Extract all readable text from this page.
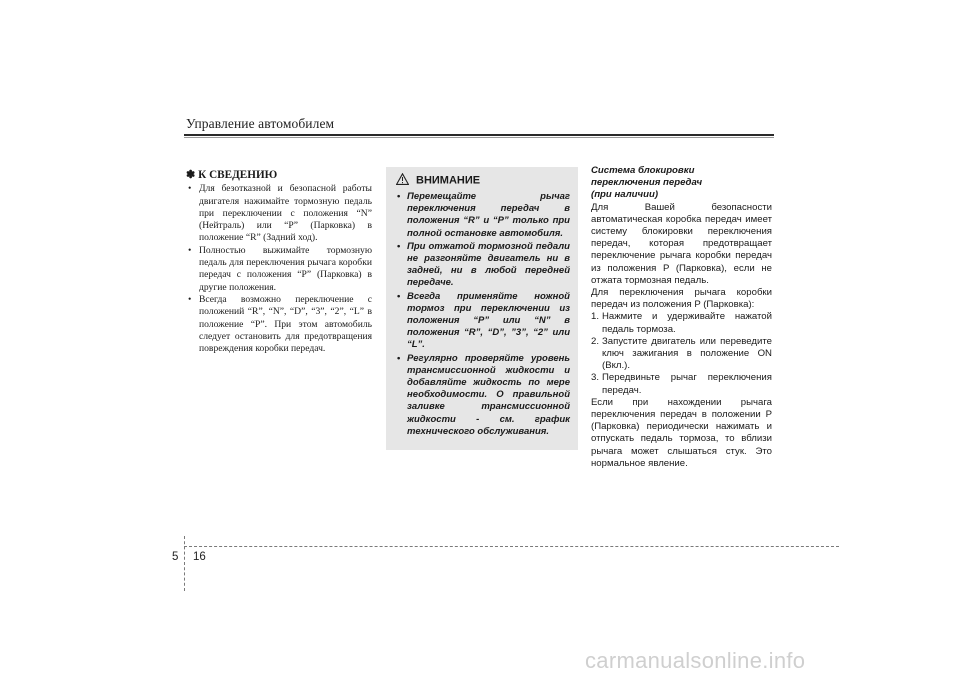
Управление автомобилем
✽ К СВЕДЕНИЮ
• Для безотказной и безопасной работы двигателя нажимайте тормозную педаль при переключении с положения “N” (Нейтраль) или “P” (Парковка) в положение “R” (Задний ход).
• Полностью выжимайте тормозную педаль для переключения рычага коробки передач с положения “P” (Парковка) в другие положения.
• Всегда возможно переключение с положений “R”, “N”, “D”, “3”, “2”, “L” в положение “P”. При этом автомобиль следует остановить для предотвращения повреждения коробки передач.
ВНИМАНИЕ
• Перемещайте рычаг переключения передач в положения “R” и “P” только при полной остановке автомобиля.
• При отжатой тормозной педали не разгоняйте двигатель ни в задней, ни в любой передней передаче.
• Всегда применяйте ножной тормоз при переключении из положения “P” или “N” в положения “R”, “D”, ”3”, “2” или “L”.
• Регулярно проверяйте уровень трансмиссионной жидкости и добавляйте жидкость по мере необходимости. О правильной заливке трансмиссионной жидкости - см. график технического обслуживания.
Система блокировки
переключения передач
(при наличии)

Для Вашей безопасности автоматическая коробка передач имеет систему блокировки переключения передач, которая предотвращает переключение рычага коробки передач из положения P (Парковка), если не отжата тормозная педаль.

Для переключения рычага коробки передач из положения P (Парковка):

1. Нажмите и удерживайте нажатой педаль тормоза.
2. Запустите двигатель или переведите ключ зажигания в положение ON (Вкл.).
3. Передвиньте рычаг переключения передач.

Если при нахождении рычага переключения передач в положении P (Парковка) периодически нажимать и отпускать педаль тормоза, то вблизи рычага может слышаться стук. Это нормальное явление.

5 16
carmanualsonline.info
